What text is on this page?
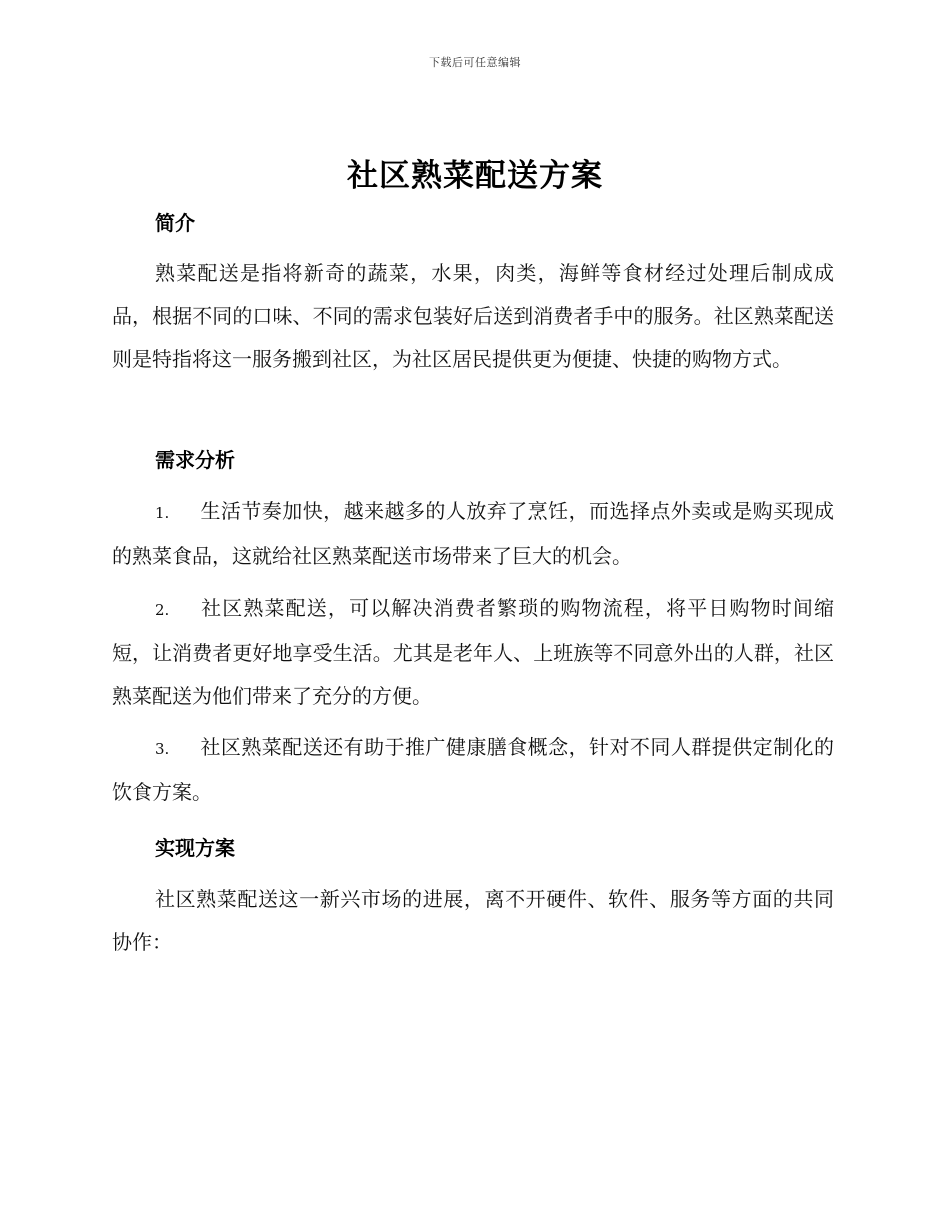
下载后可任意编辑
社区熟菜配送方案
简介

熟菜配送是指将新奇的蔬菜，水果，肉类，海鲜等食材经过处理后制成成品，根据不同的口味、不同的需求包装好后送到消费者手中的服务。社区熟菜配送则是特指将这一服务搬到社区，为社区居民提供更为便捷、快捷的购物方式。

需求分析

1. 生活节奏加快，越来越多的人放弃了烹饪，而选择点外卖或是购买现成的熟菜食品，这就给社区熟菜配送市场带来了巨大的机会。

2. 社区熟菜配送，可以解决消费者繁琐的购物流程，将平日购物时间缩短，让消费者更好地享受生活。尤其是老年人、上班族等不同意外出的人群，社区熟菜配送为他们带来了充分的方便。

3. 社区熟菜配送还有助于推广健康膳食概念，针对不同人群提供定制化的饮食方案。

实现方案

社区熟菜配送这一新兴市场的进展，离不开硬件、软件、服务等方面的共同协作：
